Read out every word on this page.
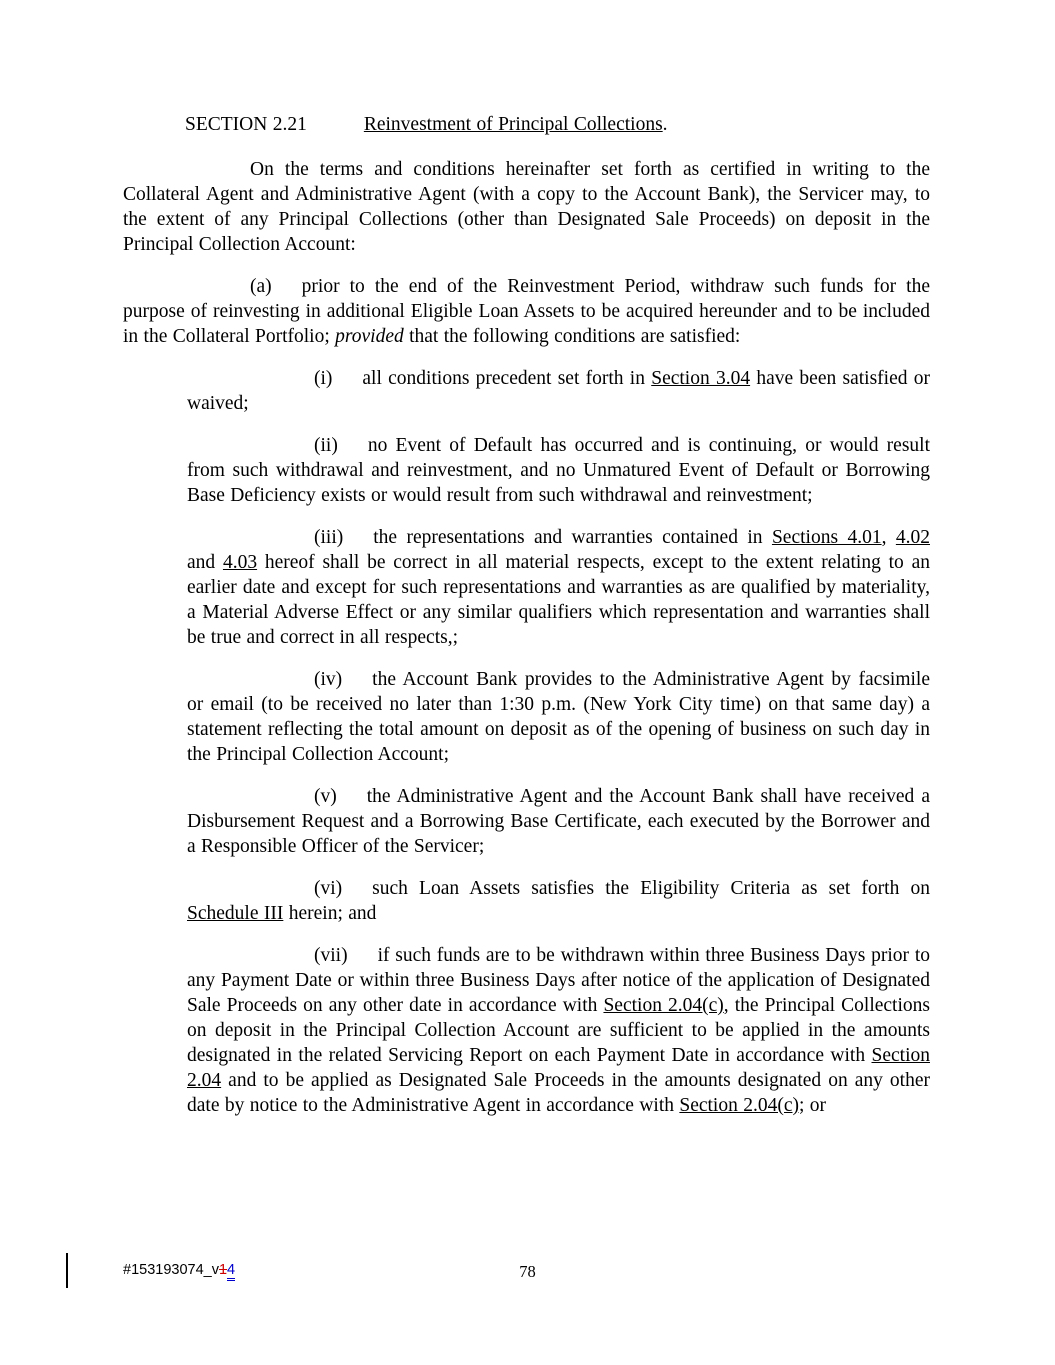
SECTION 2.21	Reinvestment of Principal Collections.

On the terms and conditions hereinafter set forth as certified in writing to the Collateral Agent and Administrative Agent (with a copy to the Account Bank), the Servicer may, to the extent of any Principal Collections (other than Designated Sale Proceeds) on deposit in the Principal Collection Account:

(a) prior to the end of the Reinvestment Period, withdraw such funds for the purpose of reinvesting in additional Eligible Loan Assets to be acquired hereunder and to be included in the Collateral Portfolio; provided that the following conditions are satisfied:

(i) all conditions precedent set forth in Section 3.04 have been satisfied or waived;

(ii) no Event of Default has occurred and is continuing, or would result from such withdrawal and reinvestment, and no Unmatured Event of Default or Borrowing Base Deficiency exists or would result from such withdrawal and reinvestment;

(iii) the representations and warranties contained in Sections 4.01, 4.02 and 4.03 hereof shall be correct in all material respects, except to the extent relating to an earlier date and except for such representations and warranties as are qualified by materiality, a Material Adverse Effect or any similar qualifiers which representation and warranties shall be true and correct in all respects,;

(iv) the Account Bank provides to the Administrative Agent by facsimile or email (to be received no later than 1:30 p.m. (New York City time) on that same day) a statement reflecting the total amount on deposit as of the opening of business on such day in the Principal Collection Account;

(v) the Administrative Agent and the Account Bank shall have received a Disbursement Request and a Borrowing Base Certificate, each executed by the Borrower and a Responsible Officer of the Servicer;

(vi) such Loan Assets satisfies the Eligibility Criteria as set forth on Schedule III herein; and

(vii) if such funds are to be withdrawn within three Business Days prior to any Payment Date or within three Business Days after notice of the application of Designated Sale Proceeds on any other date in accordance with Section 2.04(c), the Principal Collections on deposit in the Principal Collection Account are sufficient to be applied in the amounts designated in the related Servicing Report on each Payment Date in accordance with Section 2.04 and to be applied as Designated Sale Proceeds in the amounts designated on any other date by notice to the Administrative Agent in accordance with Section 2.04(c); or

#153193074_v14	78
